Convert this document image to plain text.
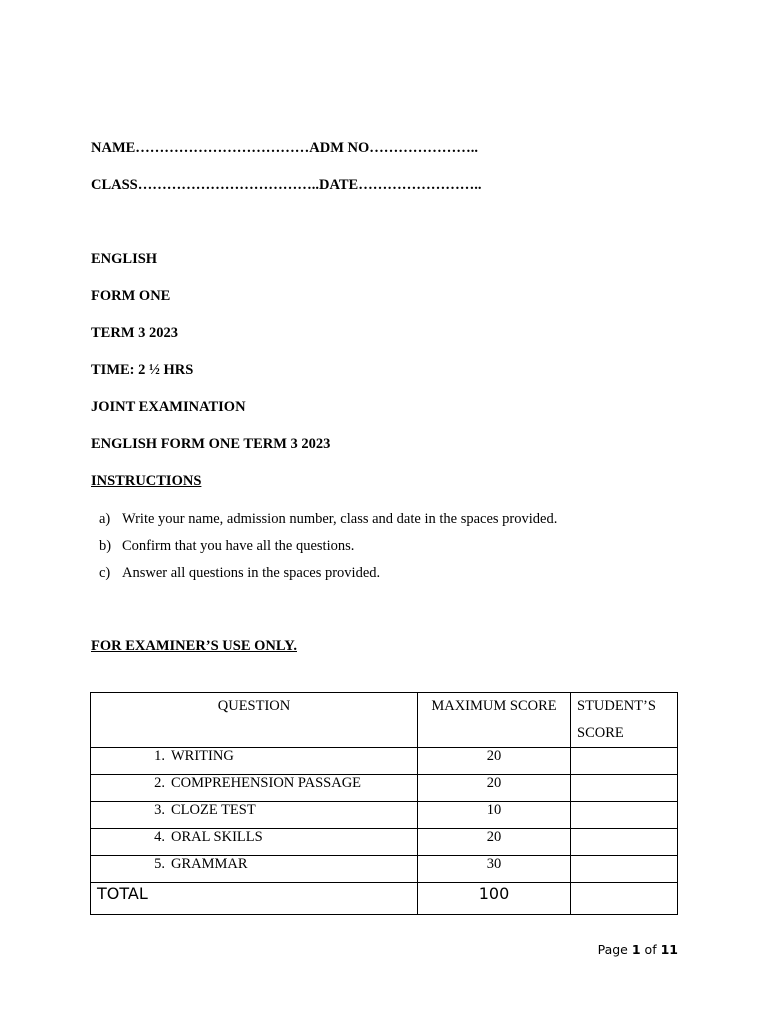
NAME………………………………ADM NO…………………..
CLASS………………………………..DATE……………………..
ENGLISH
FORM ONE
TERM 3 2023
TIME: 2 ½ HRS
JOINT EXAMINATION
ENGLISH FORM ONE TERM 3 2023
INSTRUCTIONS
a) Write your name, admission number, class and date in the spaces provided.
b) Confirm that you have all the questions.
c) Answer all questions in the spaces provided.
FOR EXAMINER’S USE ONLY.
QUESTION	MAXIMUM SCORE	STUDENT’S SCORE
1. WRITING	20	
2. COMPREHENSION PASSAGE	20	
3. CLOZE TEST	10	
4. ORAL SKILLS	20	
5. GRAMMAR	30	
TOTAL	100	
Page 1 of 11
